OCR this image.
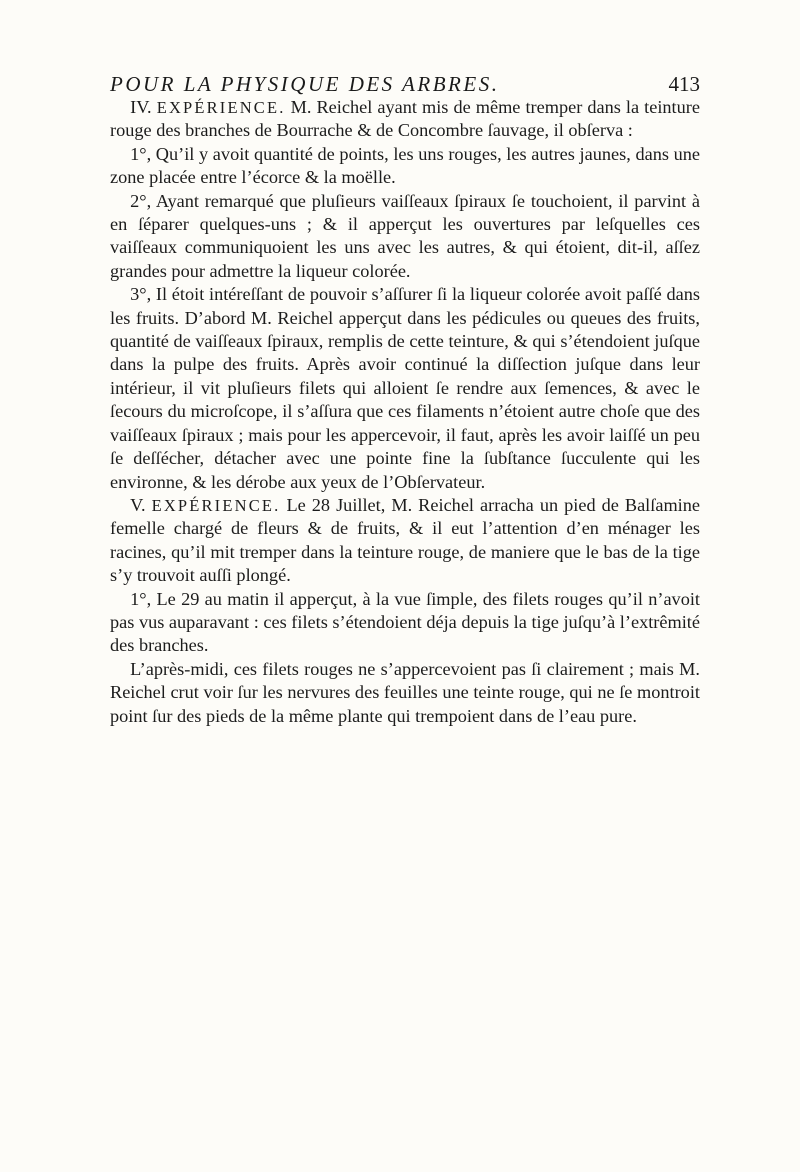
POUR LA PHYSIQUE DES ARBRES.	413

IV. EXPÉRIENCE. M. Reichel ayant mis de même tremper dans la teinture rouge des branches de Bourrache & de Concombre ſauvage, il obſerva :

1°, Qu’il y avoit quantité de points, les uns rouges, les autres jaunes, dans une zone placée entre l’écorce & la moëlle.

2°, Ayant remarqué que pluſieurs vaiſſeaux ſpiraux ſe touchoient, il parvint à en ſéparer quelques-uns ; & il apperçut les ouvertures par leſquelles ces vaiſſeaux communiquoient les uns avec les autres, & qui étoient, dit-il, aſſez grandes pour admettre la liqueur colorée.

3°, Il étoit intéreſſant de pouvoir s’aſſurer ſi la liqueur colorée avoit paſſé dans les fruits. D’abord M. Reichel apperçut dans les pédicules ou queues des fruits, quantité de vaiſſeaux ſpiraux, remplis de cette teinture, & qui s’étendoient juſque dans la pulpe des fruits. Après avoir continué la diſſection juſque dans leur intérieur, il vit pluſieurs filets qui alloient ſe rendre aux ſemences, & avec le ſecours du microſcope, il s’aſſura que ces filaments n’étoient autre choſe que des vaiſſeaux ſpiraux ; mais pour les appercevoir, il faut, après les avoir laiſſé un peu ſe deſſécher, détacher avec une pointe fine la ſubſtance ſucculente qui les environne, & les dérobe aux yeux de l’Obſervateur.

V. EXPÉRIENCE. Le 28 Juillet, M. Reichel arracha un pied de Balſamine femelle chargé de fleurs & de fruits, & il eut l’attention d’en ménager les racines, qu’il mit tremper dans la teinture rouge, de maniere que le bas de la tige s’y trouvoit auſſi plongé.

1°, Le 29 au matin il apperçut, à la vue ſimple, des filets rouges qu’il n’avoit pas vus auparavant : ces filets s’étendoient déja depuis la tige juſqu’à l’extrêmité des branches.

L’après-midi, ces filets rouges ne s’appercevoient pas ſi clairement ; mais M. Reichel crut voir ſur les nervures des feuilles une teinte rouge, qui ne ſe montroit point ſur des pieds de la même plante qui trempoient dans de l’eau pure.
